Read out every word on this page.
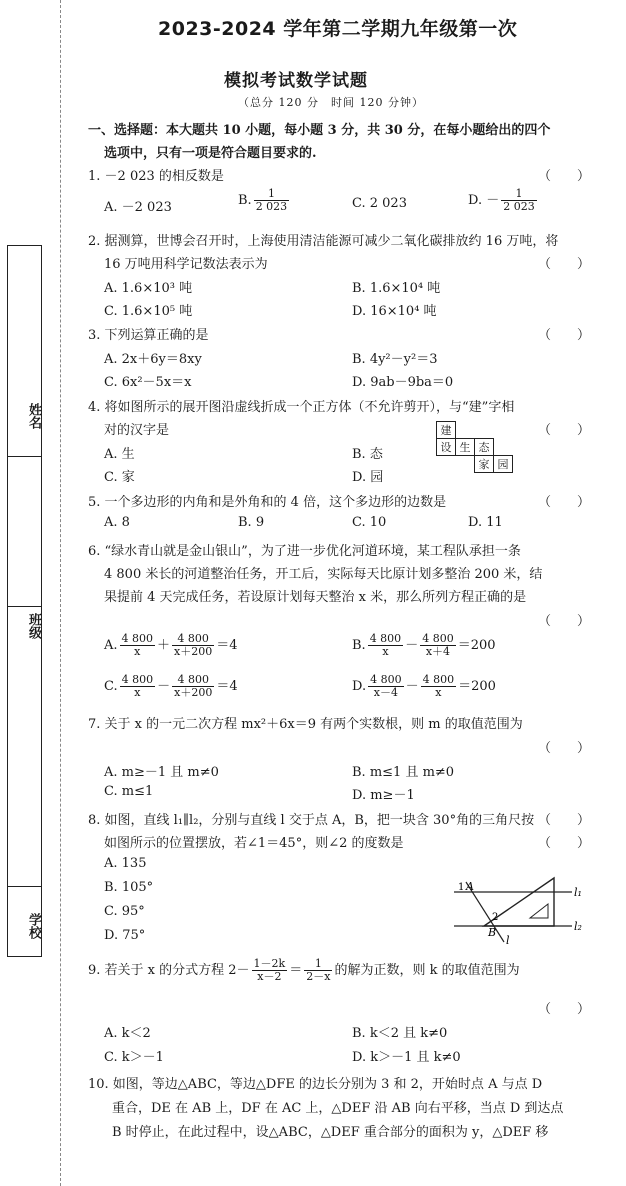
姓名
班级
学校
2023-2024 学年第二学期九年级第一次
模拟考试数学试题
（总分 120 分　时间 120 分钟）
一、选择题：本大题共 10 小题，每小题 3 分，共 30 分，在每小题给出的四个
选项中，只有一项是符合题目要求的.
1. －2 023 的相反数是	（　　）
A. －2 023	B. $\frac{1}{2 023}$	C. 2 023	D. － $\frac{1}{2 023}$
2. 据测算，世博会召开时，上海使用清洁能源可减少二氧化碳排放约 16 万吨，将
16 万吨用科学记数法表示为	（　　）
A. 1.6×10³ 吨	B. 1.6×10⁴ 吨
C. 1.6×10⁵ 吨	D. 16×10⁴ 吨
3. 下列运算正确的是	（　　）
A. 2x＋6y＝8xy	B. 4y²－y²＝3
C. 6x²－5x＝x	D. 9ab－9ba＝0
4. 将如图所示的展开图沿虚线折成一个正方体（不允许剪开），与“建”字相
对的汉字是	（　　）
A. 生	B. 态
C. 家	D. 园
建			
设	生	态	
		家	园
5. 一个多边形的内角和是外角和的 4 倍，这个多边形的边数是	（　　）
A. 8	B. 9	C. 10	D. 11
6. “绿水青山就是金山银山”，为了进一步优化河道环境，某工程队承担一条
4 800 米长的河道整治任务，开工后，实际每天比原计划多整治 200 米，结
果提前 4 天完成任务，若设原计划每天整治 x 米，那么所列方程正确的是
（　　）
A. $\frac{4 800}{x} + \frac{4 800}{x+200} =4$	B. $\frac{4 800}{x} - \frac{4 800}{x+4} =200$
C. $\frac{4 800}{x} - \frac{4 800}{x+200} =4$	D. $\frac{4 800}{x-4} - \frac{4 800}{x} =200$
7. 关于 x 的一元二次方程 mx²＋6x＝9 有两个实数根，则 m 的取值范围为
（　　）
A. m≥－1 且 m≠0	B. m≤1 且 m≠0
C. m≤1	D. m≥－1
8. 如图，直线 l₁∥l₂，分别与直线 l 交于点 A，B，把一块含 30°角的三角尺按 （　　）
如图所示的位置摆放，若∠1＝45°，则∠2 的度数是	（　　）
A. 135
B. 105°
C. 95°
D. 75°
l₁
l₂
l
A
B
1
2
9. 若关于 x 的分式方程 $2- \frac{1-2k}{x-2} = \frac{1}{2-x}$ 的解为正数，则 k 的取值范围为
（　　）
A. k＜2	B. k＜2 且 k≠0
C. k＞－1	D. k＞－1 且 k≠0
10. 如图，等边△ABC，等边△DFE 的边长分别为 3 和 2，开始时点 A 与点 D
重合，DE 在 AB 上，DF 在 AC 上，△DEF 沿 AB 向右平移，当点 D 到达点
B 时停止，在此过程中，设△ABC，△DEF 重合部分的面积为 y，△DEF 移
